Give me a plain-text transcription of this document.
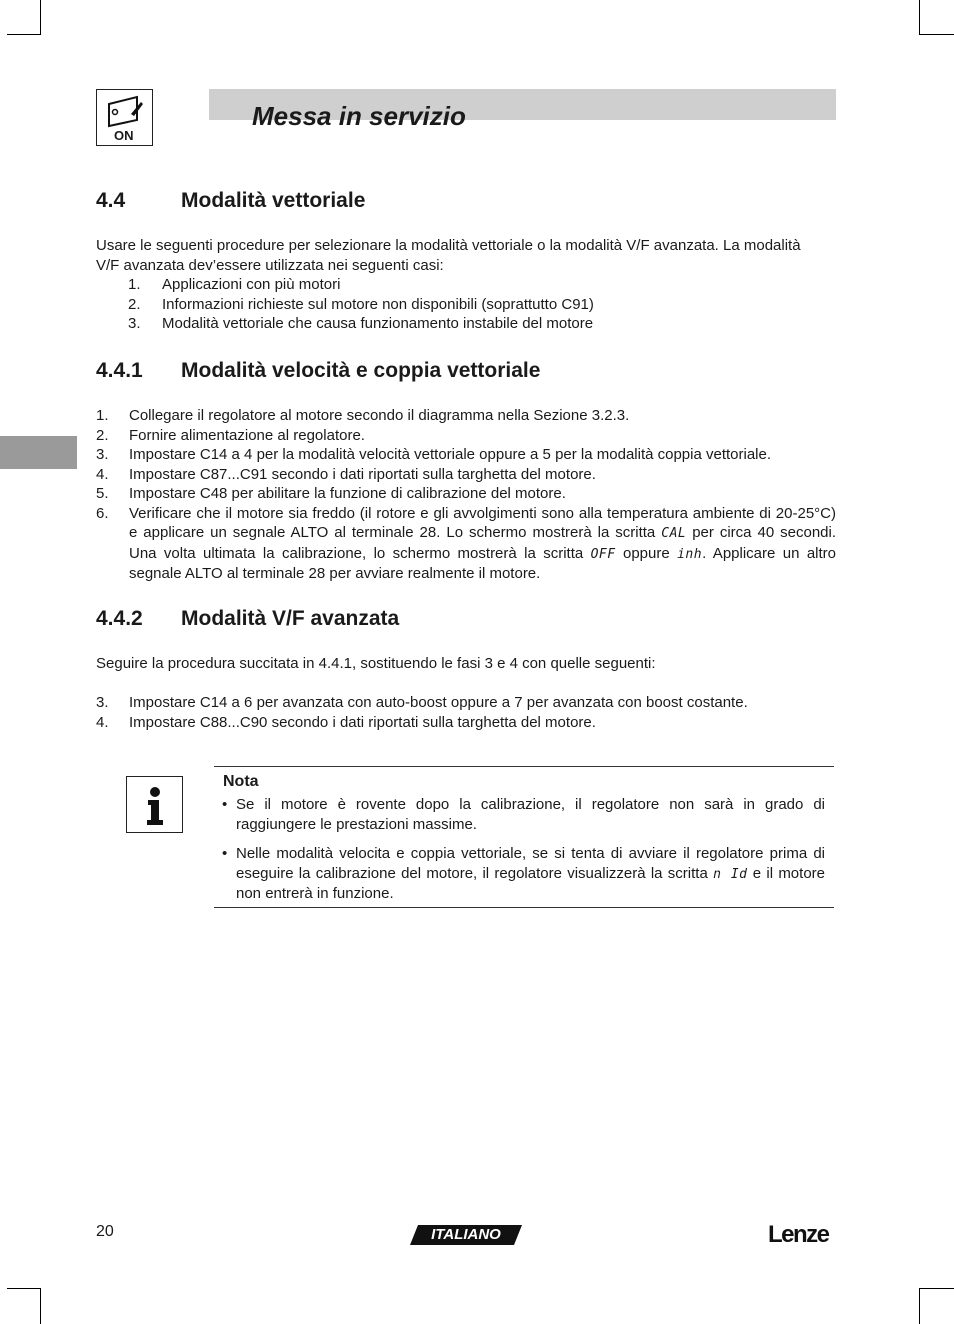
ON
Messa in servizio
4.4	Modalità vettoriale

Usare le seguenti procedure per selezionare la modalità vettoriale o la modalità V/F avanzata. La modalità V/F avanzata dev’essere utilizzata nei seguenti casi:

1. Applicazioni con più motori
2. Informazioni richieste sul motore non disponibili (soprattutto C91)
3. Modalità vettoriale che causa funzionamento instabile del motore
4.4.1 Modalità velocità e coppia vettoriale
1. Collegare il regolatore al motore secondo il diagramma nella Sezione 3.2.3.
2. Fornire alimentazione al regolatore.
3. Impostare C14 a 4 per la modalità velocità vettoriale oppure a 5 per la modalità coppia vettoriale.
4. Impostare C87...C91 secondo i dati riportati sulla targhetta del motore.
5. Impostare C48 per abilitare la funzione di calibrazione del motore.
6. Verificare che il motore sia freddo (il rotore e gli avvolgimenti sono alla temperatura ambiente di 20-25°C) e applicare un segnale ALTO al terminale 28. Lo schermo mostrerà la scritta CAL per circa 40 secondi. Una volta ultimata la calibrazione, lo schermo mostrerà la scritta OFF oppure inh. Applicare un altro segnale ALTO al terminale 28 per avviare realmente il motore.
4.4.2 Modalità V/F avanzata

Seguire la procedura succitata in 4.4.1, sostituendo le fasi 3 e 4 con quelle seguenti:

3. Impostare C14 a 6 per avanzata con auto-boost oppure a 7 per avanzata con boost costante.
4. Impostare C88...C90 secondo i dati riportati sulla targhetta del motore.
Nota
• Se il motore è rovente dopo la calibrazione, il regolatore non sarà in grado di raggiungere le prestazioni massime.
• Nelle modalità velocita e coppia vettoriale, se si tenta di avviare il regolatore prima di eseguire la calibrazione del motore, il regolatore visualizzerà la scritta n Id e il motore non entrerà in funzione.
20	ITALIANO	Lenze
